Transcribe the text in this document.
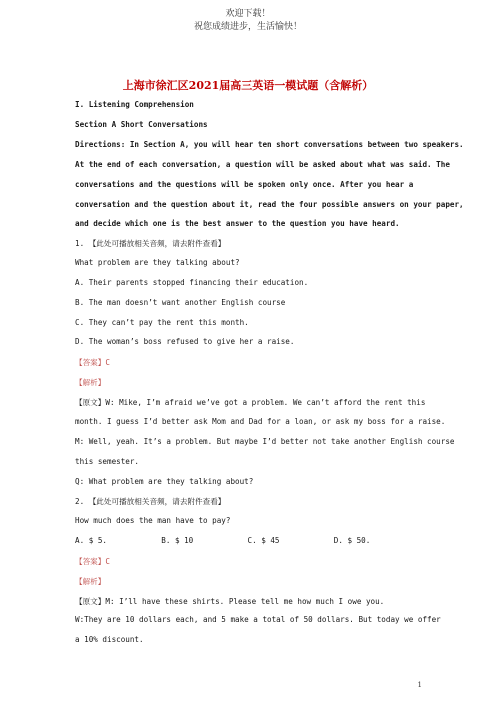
欢迎下载！
祝您成绩进步，生活愉快！
上海市徐汇区2021届高三英语一模试题（含解析）
I. Listening Comprehension
Section A Short Conversations
Directions: In Section A, you will hear ten short conversations between two speakers.
At the end of each conversation, a question will be asked about what was said. The
conversations and the questions will be spoken only once. After you hear a
conversation and the question about it, read the four possible answers on your paper,
and decide which one is the best answer to the question you have heard.
1. 【此处可播放相关音频，请去附件查看】
What problem are they talking about?
A. Their parents stopped financing their education.
B. The man doesn’t want another English course
C. They can’t pay the rent this month.
D. The woman’s boss refused to give her a raise.
【答案】C
【解析】
【原文】W: Mike, I’m afraid we’ve got a problem. We can’t afford the rent this
month. I guess I’d better ask Mom and Dad for a loan, or ask my boss for a raise.
M: Well, yeah. It’s a problem. But maybe I’d better not take another English course
this semester.
Q: What problem are they talking about?
2. 【此处可播放相关音频，请去附件查看】
How much does the man have to pay?
A. $ 5.	B. $ 10	C. $ 45	D. $ 50.
【答案】C
【解析】
【原文】M: I’ll have these shirts. Please tell me how much I owe you.
W:They are 10 dollars each, and 5 make a total of 50 dollars. But today we offer
a 10% discount.
1
